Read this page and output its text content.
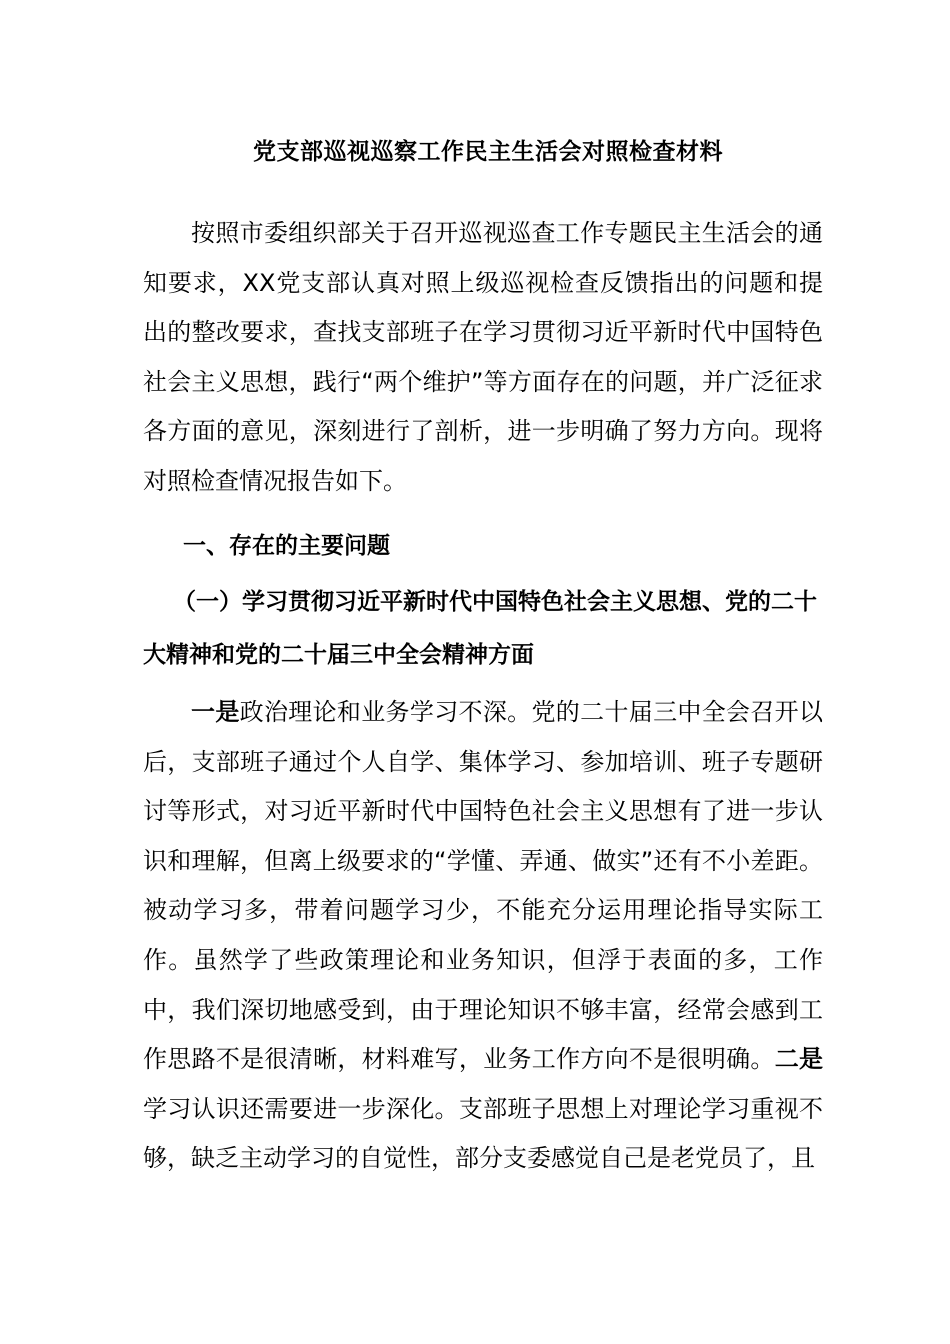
党支部巡视巡察工作民主生活会对照检查材料

按照市委组织部关于召开巡视巡查工作专题民主生活会的通知要求，XX党支部认真对照上级巡视检查反馈指出的问题和提出的整改要求，查找支部班子在学习贯彻习近平新时代中国特色社会主义思想，践行“两个维护”等方面存在的问题，并广泛征求各方面的意见，深刻进行了剖析，进一步明确了努力方向。现将对照检查情况报告如下。

一、存在的主要问题
（一）学习贯彻习近平新时代中国特色社会主义思想、党的二十大精神和党的二十届三中全会精神方面

一是政治理论和业务学习不深。党的二十届三中全会召开以后，支部班子通过个人自学、集体学习、参加培训、班子专题研讨等形式，对习近平新时代中国特色社会主义思想有了进一步认识和理解，但离上级要求的“学懂、弄通、做实”还有不小差距。被动学习多，带着问题学习少，不能充分运用理论指导实际工作。虽然学了些政策理论和业务知识，但浮于表面的多，工作中，我们深切地感受到，由于理论知识不够丰富，经常会感到工作思路不是很清晰，材料难写，业务工作方向不是很明确。二是学习认识还需要进一步深化。支部班子思想上对理论学习重视不够，缺乏主动学习的自觉性，部分支委感觉自己是老党员了，且
